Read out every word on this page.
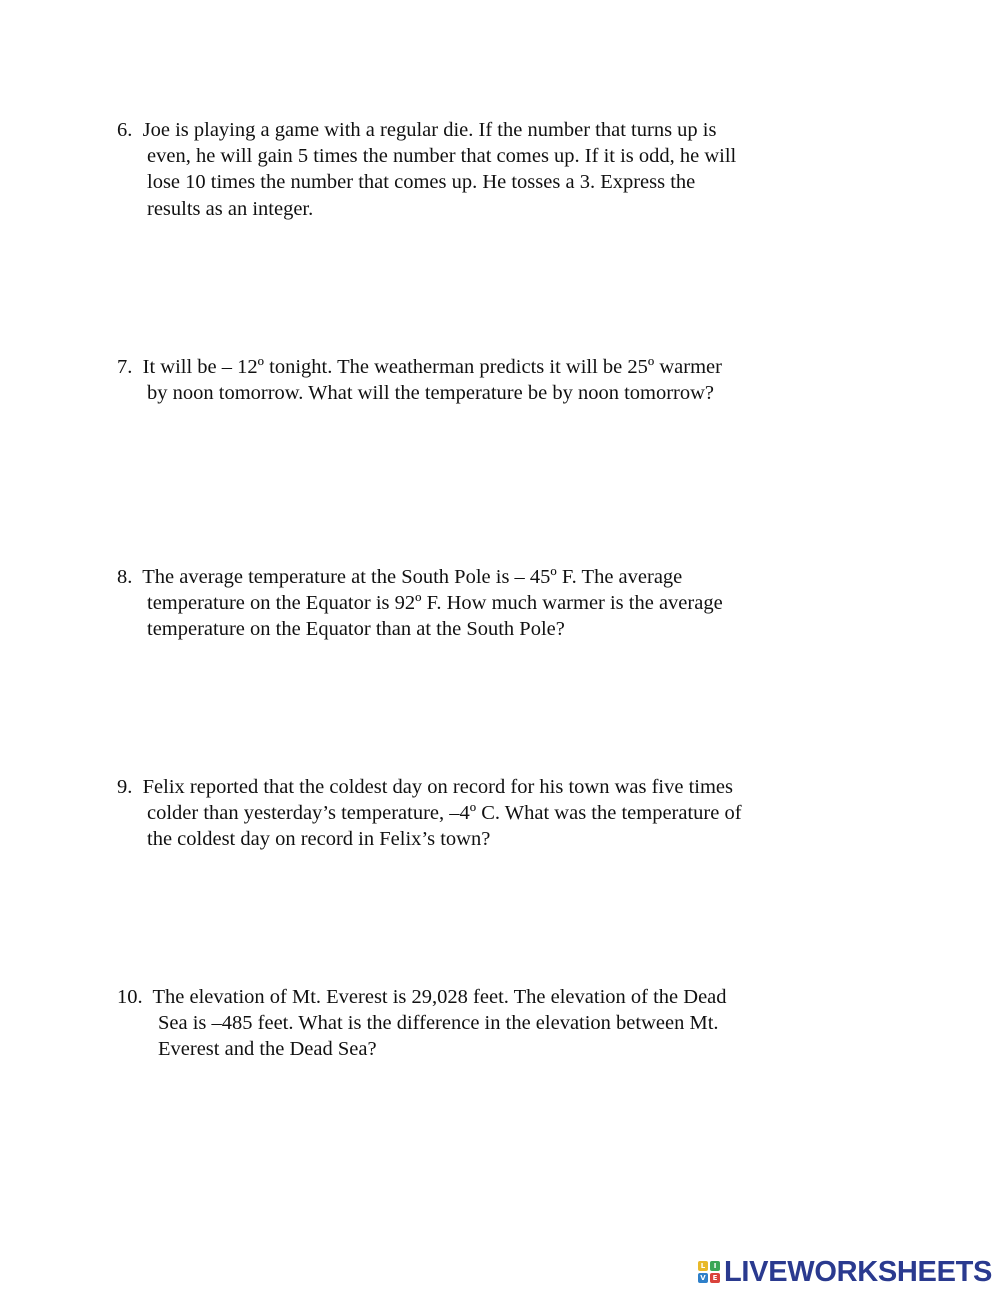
6. Joe is playing a game with a regular die. If the number that turns up is
even, he will gain 5 times the number that comes up. If it is odd, he will
lose 10 times the number that comes up. He tosses a 3. Express the
results as an integer.
7. It will be – 12º tonight. The weatherman predicts it will be 25º warmer
by noon tomorrow. What will the temperature be by noon tomorrow?
8. The average temperature at the South Pole is – 45º F. The average
temperature on the Equator is 92º F. How much warmer is the average
temperature on the Equator than at the South Pole?
9. Felix reported that the coldest day on record for his town was five times
colder than yesterday’s temperature, –4º C. What was the temperature of
the coldest day on record in Felix’s town?
10. The elevation of Mt. Everest is 29,028 feet. The elevation of the Dead
Sea is –485 feet. What is the difference in the elevation between Mt.
Everest and the Dead Sea?
L	I
V E LIVEWORKSHEETS
